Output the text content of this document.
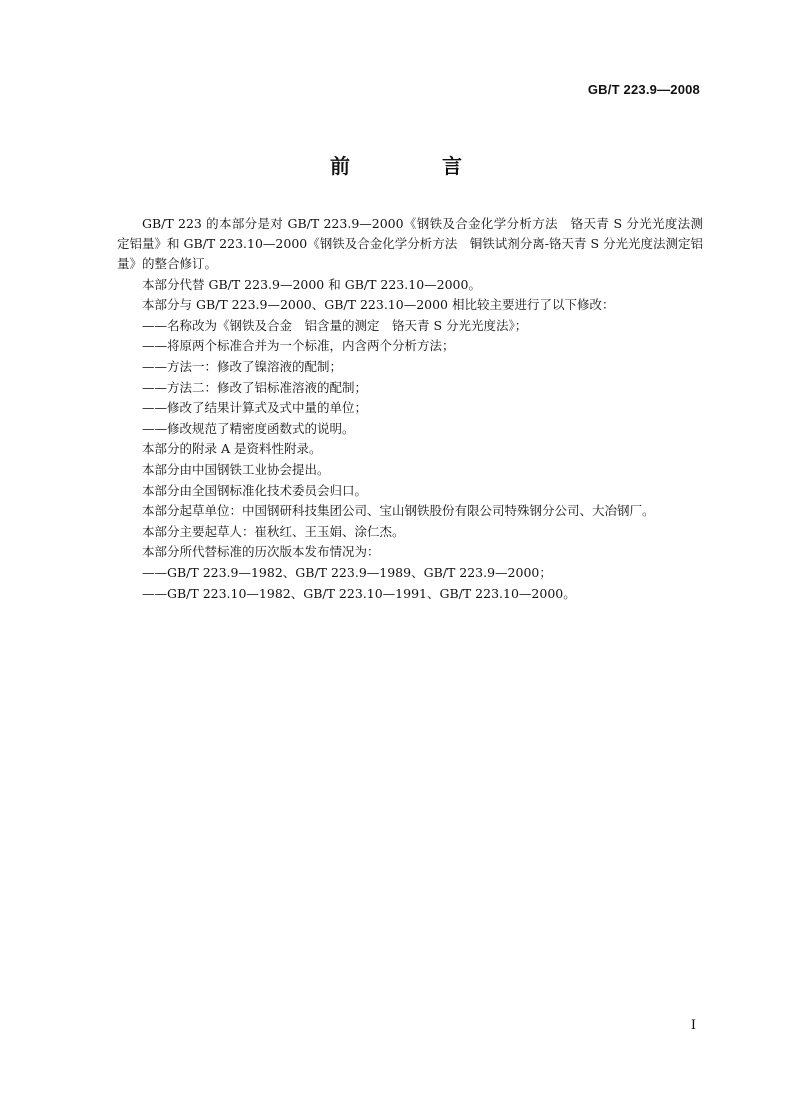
GB/T 223.9—2008
前　言

GB/T 223 的本部分是对 GB/T 223.9—2000《钢铁及合金化学分析方法　铬天青 S 分光光度法测定铝量》和 GB/T 223.10—2000《钢铁及合金化学分析方法　铜铁试剂分离-铬天青 S 分光光度法测定铝量》的整合修订。

本部分代替 GB/T 223.9—2000 和 GB/T 223.10—2000。

本部分与 GB/T 223.9—2000、GB/T 223.10—2000 相比较主要进行了以下修改：

——名称改为《钢铁及合金　铝含量的测定　铬天青 S 分光光度法》；

——将原两个标准合并为一个标准，内含两个分析方法；

——方法一：修改了镍溶液的配制；

——方法二：修改了铝标准溶液的配制；

——修改了结果计算式及式中量的单位；

——修改规范了精密度函数式的说明。

本部分的附录 A 是资料性附录。

本部分由中国钢铁工业协会提出。

本部分由全国钢标准化技术委员会归口。

本部分起草单位：中国钢研科技集团公司、宝山钢铁股份有限公司特殊钢分公司、大冶钢厂。

本部分主要起草人：崔秋红、王玉娟、涂仁杰。

本部分所代替标准的历次版本发布情况为：

——GB/T 223.9—1982、GB/T 223.9—1989、GB/T 223.9—2000；

——GB/T 223.10—1982、GB/T 223.10—1991、GB/T 223.10—2000。

I
